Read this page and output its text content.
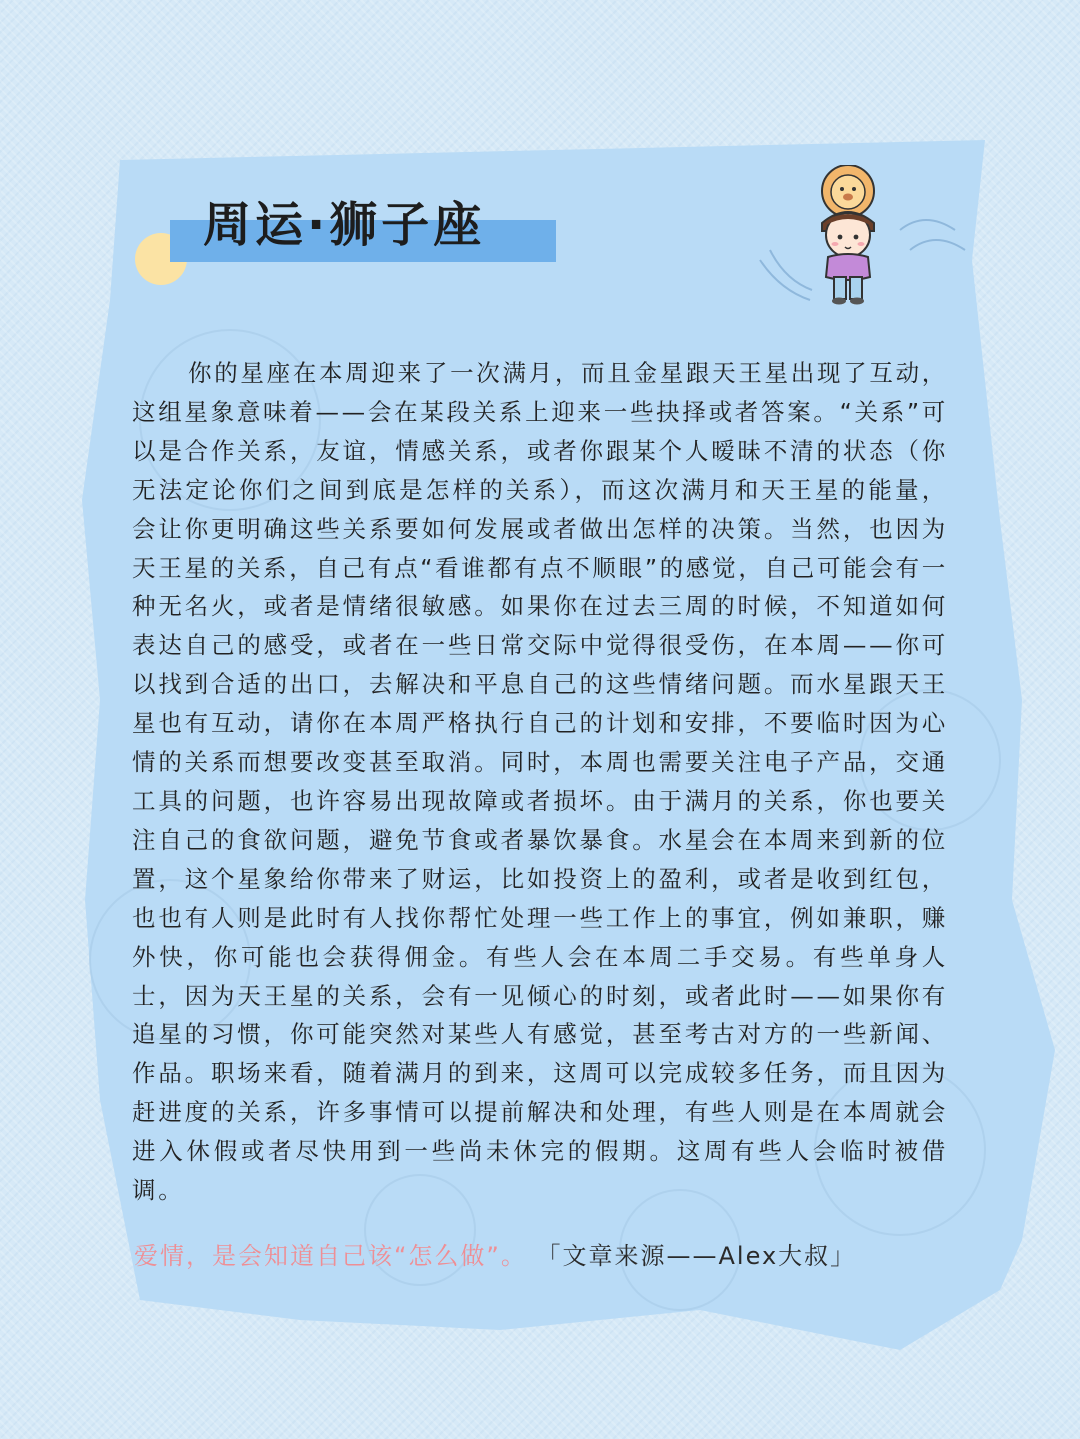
周运·狮子座
你的星座在本周迎来了一次满月，而且金星跟天王星出现了互动，这组星象意味着——会在某段关系上迎来一些抉择或者答案。“关系”可以是合作关系，友谊，情感关系，或者你跟某个人暧昧不清的状态（你无法定论你们之间到底是怎样的关系），而这次满月和天王星的能量，会让你更明确这些关系要如何发展或者做出怎样的决策。当然，也因为天王星的关系，自己有点“看谁都有点不顺眼”的感觉，自己可能会有一种无名火，或者是情绪很敏感。如果你在过去三周的时候，不知道如何表达自己的感受，或者在一些日常交际中觉得很受伤，在本周——你可以找到合适的出口，去解决和平息自己的这些情绪问题。而水星跟天王星也有互动，请你在本周严格执行自己的计划和安排，不要临时因为心情的关系而想要改变甚至取消。同时，本周也需要关注电子产品，交通工具的问题，也许容易出现故障或者损坏。由于满月的关系，你也要关注自己的食欲问题，避免节食或者暴饮暴食。水星会在本周来到新的位置，这个星象给你带来了财运，比如投资上的盈利，或者是收到红包，也也有人则是此时有人找你帮忙处理一些工作上的事宜，例如兼职，赚外快，你可能也会获得佣金。有些人会在本周二手交易。有些单身人士，因为天王星的关系，会有一见倾心的时刻，或者此时——如果你有追星的习惯，你可能突然对某些人有感觉，甚至考古对方的一些新闻、作品。职场来看，随着满月的到来，这周可以完成较多任务，而且因为赶进度的关系，许多事情可以提前解决和处理，有些人则是在本周就会进入休假或者尽快用到一些尚未休完的假期。这周有些人会临时被借调。
爱情，是会知道自己该“怎么做”。 「文章来源——Alex大叔」
